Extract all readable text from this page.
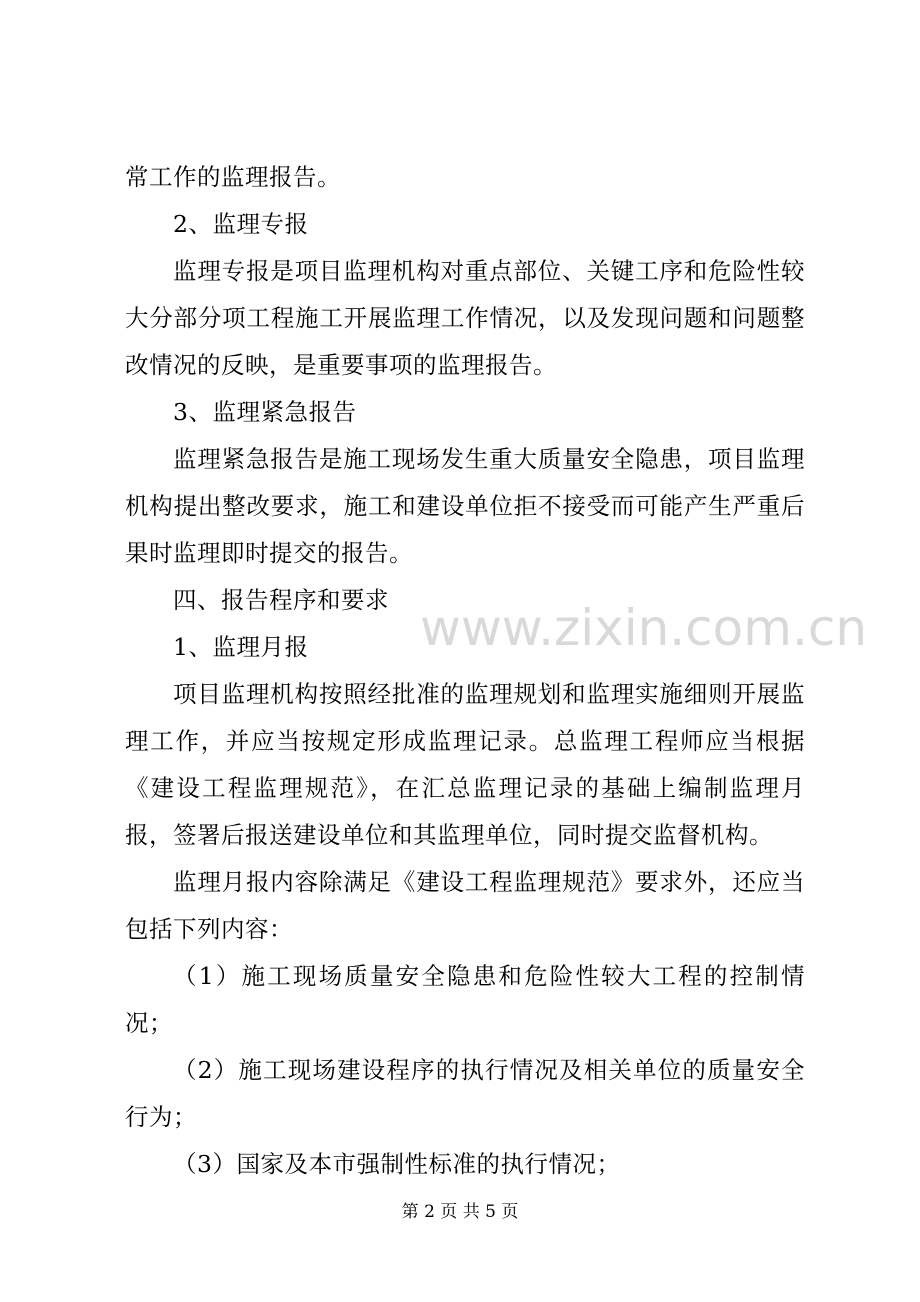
常工作的监理报告。

2、监理专报

监理专报是项目监理机构对重点部位、关键工序和危险性较大分部分项工程施工开展监理工作情况，以及发现问题和问题整改情况的反映，是重要事项的监理报告。

3、监理紧急报告

监理紧急报告是施工现场发生重大质量安全隐患，项目监理机构提出整改要求，施工和建设单位拒不接受而可能产生严重后果时监理即时提交的报告。

四、报告程序和要求

1、监理月报

项目监理机构按照经批准的监理规划和监理实施细则开展监理工作，并应当按规定形成监理记录。总监理工程师应当根据《建设工程监理规范》，在汇总监理记录的基础上编制监理月报，签署后报送建设单位和其监理单位，同时提交监督机构。

监理月报内容除满足《建设工程监理规范》要求外，还应当包括下列内容：

（1）施工现场质量安全隐患和危险性较大工程的控制情况；

（2）施工现场建设程序的执行情况及相关单位的质量安全行为；

（3）国家及本市强制性标准的执行情况；

www.zixin.com.cn
第 2 页 共 5 页
